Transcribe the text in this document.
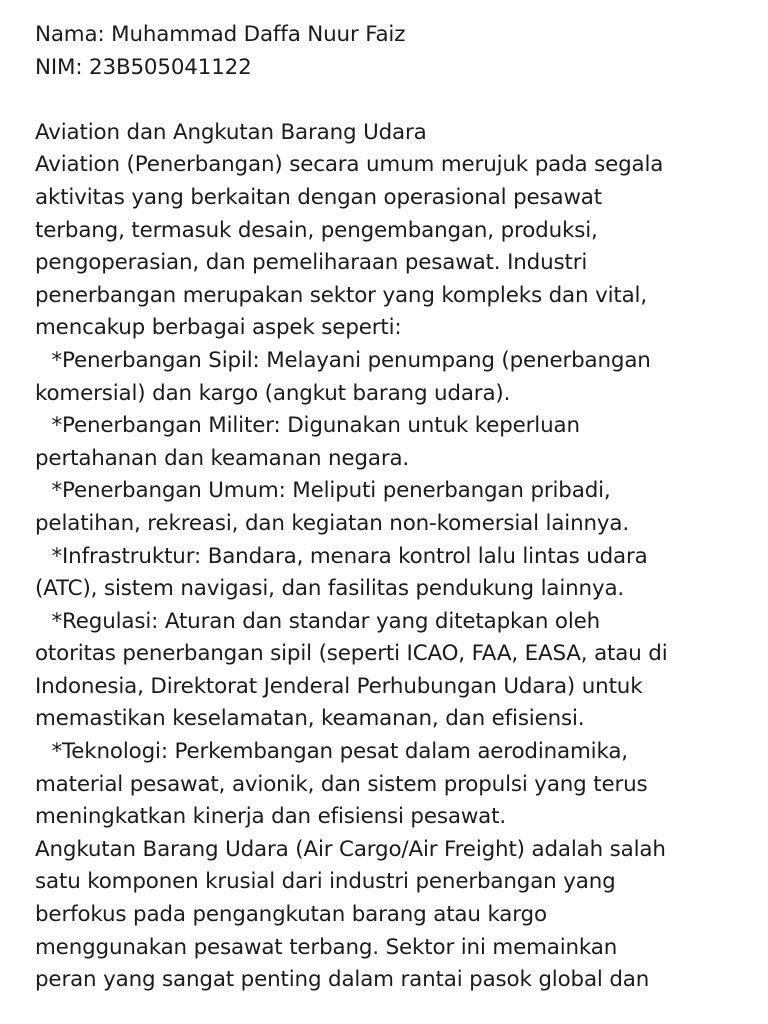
Nama: Muhammad Daffa Nuur Faiz
NIM: 23B505041122
Aviation dan Angkutan Barang Udara
Aviation (Penerbangan) secara umum merujuk pada segala
aktivitas yang berkaitan dengan operasional pesawat
terbang, termasuk desain, pengembangan, produksi,
pengoperasian, dan pemeliharaan pesawat. Industri
penerbangan merupakan sektor yang kompleks dan vital,
mencakup berbagai aspek seperti:
* Penerbangan Sipil: Melayani penumpang (penerbangan
komersial) dan kargo (angkut barang udara).
* Penerbangan Militer: Digunakan untuk keperluan
pertahanan dan keamanan negara.
* Penerbangan Umum: Meliputi penerbangan pribadi,
pelatihan, rekreasi, dan kegiatan non-komersial lainnya.
* Infrastruktur: Bandara, menara kontrol lalu lintas udara
(ATC), sistem navigasi, dan fasilitas pendukung lainnya.
* Regulasi: Aturan dan standar yang ditetapkan oleh
otoritas penerbangan sipil (seperti ICAO, FAA, EASA, atau di
Indonesia, Direktorat Jenderal Perhubungan Udara) untuk
memastikan keselamatan, keamanan, dan efisiensi.
* Teknologi: Perkembangan pesat dalam aerodinamika,
material pesawat, avionik, dan sistem propulsi yang terus
meningkatkan kinerja dan efisiensi pesawat.
Angkutan Barang Udara (Air Cargo/Air Freight) adalah salah
satu komponen krusial dari industri penerbangan yang
berfokus pada pengangkutan barang atau kargo
menggunakan pesawat terbang. Sektor ini memainkan
peran yang sangat penting dalam rantai pasok global dan
